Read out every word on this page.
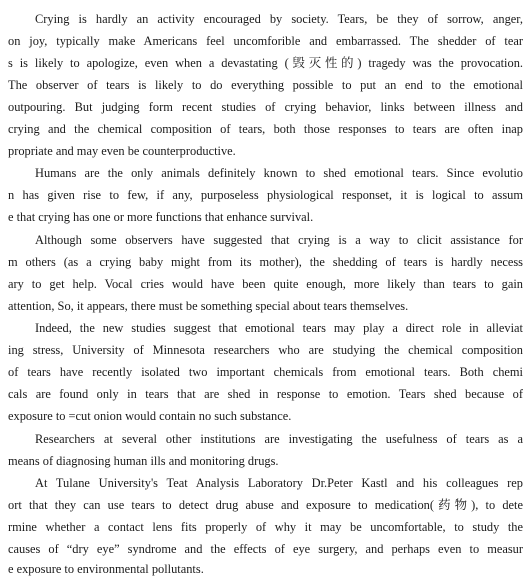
Crying is hardly an activity encouraged by society. Tears, be they of sorrow, anger,
on joy, typically make Americans feel uncomforible and embarrassed. The shedder of tear
s is likely to apologize, even when a devastating (毁灭性的) tragedy was the provocation.
The observer of tears is likely to do everything possible to put an end to the emotional
outpouring. But judging form recent studies of crying behavior, links between illness and
crying and the chemical composition of tears, both those responses to tears are often inap
propriate and may even be counterproductive.
Humans are the only animals definitely known to shed emotional tears. Since evolutio
n has given rise to few, if any, purposeless physiological responset, it is logical to assum
e that crying has one or more functions that enhance survival.
Although some observers have suggested that crying is a way to clicit assistance for
m others (as a crying baby might from its mother), the shedding of tears is hardly necess
ary to get help. Vocal cries would have been quite enough, more likely than tears to gain
attention, So, it appears, there must be something special about tears themselves.
Indeed, the new studies suggest that emotional tears may play a direct role in alleviat
ing stress, University of Minnesota researchers who are studying the chemical composition
of tears have recently isolated two important chemicals from emotional tears. Both chemi
cals are found only in tears that are shed in response to emotion. Tears shed because of
exposure to =cut onion would contain no such substance.
Researchers at several other institutions are investigating the usefulness of tears as a
means of diagnosing human ills and monitoring drugs.
At Tulane University's Teat Analysis Laboratory Dr.Peter Kastl and his colleagues rep
ort that they can use tears to detect drug abuse and exposure to medication(药物), to dete
rmine whether a contact lens fits properly of why it may be uncomfortable, to study the
causes of “dry eye” syndrome and the effects of eye surgery, and perhaps even to measur
e exposure to environmental pollutants.
